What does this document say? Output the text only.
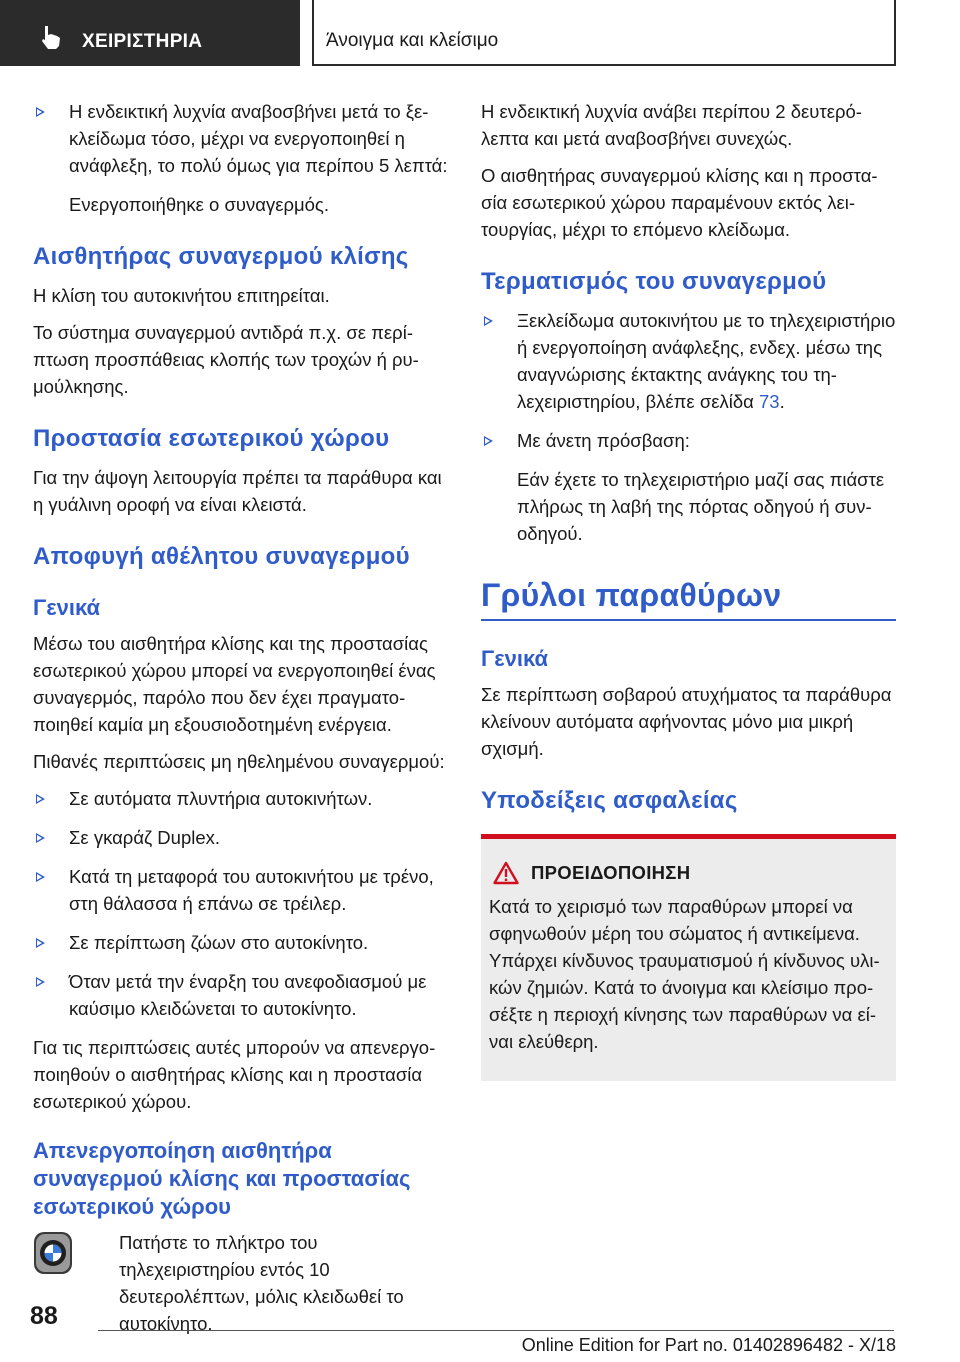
ΧΕΙΡΙΣΤΗΡΙΑ	Άνοιγμα και κλείσιμο
Η ενδεικτική λυχνία αναβοσβήνει μετά το ξεκλείδωμα τόσο, μέχρι να ενεργοποιηθεί η ανάφλεξη, το πολύ όμως για περίπου 5 λεπτά:
Ενεργοποιήθηκε ο συναγερμός.
Αισθητήρας συναγερμού κλίσης

Η κλίση του αυτοκινήτου επιτηρείται.

Το σύστημα συναγερμού αντιδρά π.χ. σε περίπτωση προσπάθειας κλοπής των τροχών ή ρυμούλκησης.

Προστασία εσωτερικού χώρου

Για την άψογη λειτουργία πρέπει τα παράθυρα και η γυάλινη οροφή να είναι κλειστά.

Αποφυγή αθέλητου συναγερμού
Γενικά

Μέσω του αισθητήρα κλίσης και της προστασίας εσωτερικού χώρου μπορεί να ενεργοποιηθεί ένας συναγερμός, παρόλο που δεν έχει πραγματοποιηθεί καμία μη εξουσιοδοτημένη ενέργεια.

Πιθανές περιπτώσεις μη ηθελημένου συναγερμού:

Σε αυτόματα πλυντήρια αυτοκινήτων.
Σε γκαράζ Duplex.
Κατά τη μεταφορά του αυτοκινήτου με τρένο, στη θάλασσα ή επάνω σε τρέιλερ.
Σε περίπτωση ζώων στο αυτοκίνητο.
Όταν μετά την έναρξη του ανεφοδιασμού με καύσιμο κλειδώνεται το αυτοκίνητο.

Για τις περιπτώσεις αυτές μπορούν να απενεργοποιηθούν ο αισθητήρας κλίσης και η προστασία εσωτερικού χώρου.

Απενεργοποίηση αισθητήρα συναγερμού κλίσης και προστασίας εσωτερικού χώρου
Πατήστε το πλήκτρο του τηλεχειριστηρίου εντός 10 δευτερολέπτων, μόλις κλειδωθεί το αυτοκίνητο.

Η ενδεικτική λυχνία ανάβει περίπου 2 δευτερόλεπτα και μετά αναβοσβήνει συνεχώς.

Ο αισθητήρας συναγερμού κλίσης και η προστασία εσωτερικού χώρου παραμένουν εκτός λειτουργίας, μέχρι το επόμενο κλείδωμα.

Τερματισμός του συναγερμού
Ξεκλείδωμα αυτοκινήτου με το τηλεχειριστήριο ή ενεργοποίηση ανάφλεξης, ενδεχ. μέσω της αναγνώρισης έκτακτης ανάγκης του τηλεχειριστηρίου, βλέπε σελίδα 73.
Με άνετη πρόσβαση:
Εάν έχετε το τηλεχειριστήριο μαζί σας πιάστε πλήρως τη λαβή της πόρτας οδηγού ή συνοδηγού.
Γρύλοι παραθύρων
Γενικά

Σε περίπτωση σοβαρού ατυχήματος τα παράθυρα κλείνουν αυτόματα αφήνοντας μόνο μια μικρή σχισμή.

Υποδείξεις ασφαλείας
ΠΡΟΕΙΔΟΠΟΙΗΣΗ

Κατά το χειρισμό των παραθύρων μπορεί να σφηνωθούν μέρη του σώματος ή αντικείμενα. Υπάρχει κίνδυνος τραυματισμού ή κίνδυνος υλικών ζημιών. Κατά το άνοιγμα και κλείσιμο προσέξτε η περιοχή κίνησης των παραθύρων να είναι ελεύθερη.

88
Online Edition for Part no. 01402896482 - X/18
